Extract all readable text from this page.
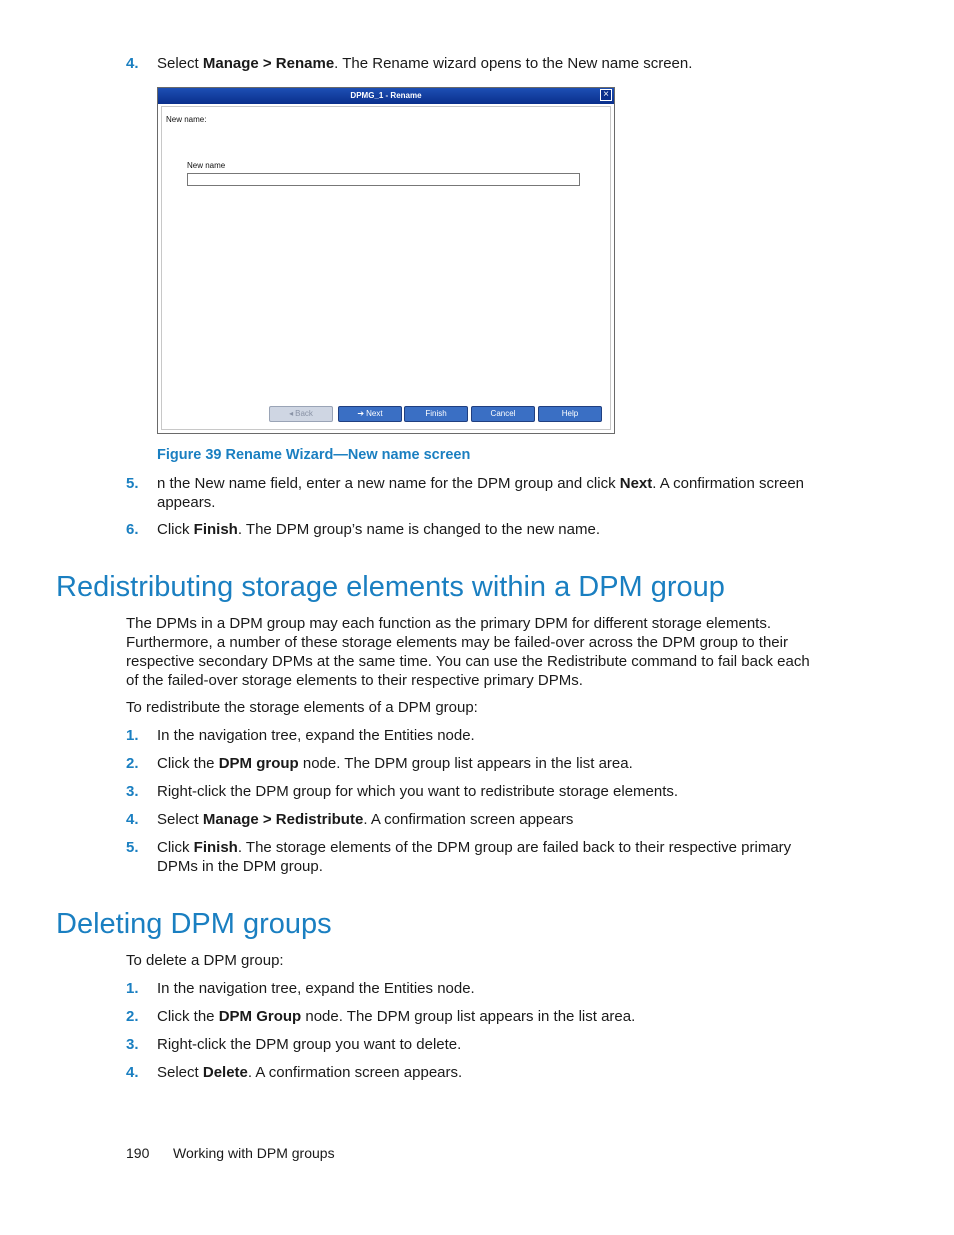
4. Select Manage > Rename. The Rename wizard opens to the New name screen.
DPMG_1 - Rename	×
New name:
New name
◂ Back	➔ Next	Finish	Cancel	Help
Figure 39 Rename Wizard—New name screen
5. n the New name field, enter a new name for the DPM group and click Next. A confirmation screen appears.
6. Click Finish. The DPM group’s name is changed to the new name.
Redistributing storage elements within a DPM group
The DPMs in a DPM group may each function as the primary DPM for different storage elements. Furthermore, a number of these storage elements may be failed-over across the DPM group to their respective secondary DPMs at the same time. You can use the Redistribute command to fail back each of the failed-over storage elements to their respective primary DPMs.
To redistribute the storage elements of a DPM group:
1. In the navigation tree, expand the Entities node.
2. Click the DPM group node. The DPM group list appears in the list area.
3. Right-click the DPM group for which you want to redistribute storage elements.
4. Select Manage > Redistribute. A confirmation screen appears
5. Click Finish. The storage elements of the DPM group are failed back to their respective primary DPMs in the DPM group.
Deleting DPM groups
To delete a DPM group:
1. In the navigation tree, expand the Entities node.
2. Click the DPM Group node. The DPM group list appears in the list area.
3. Right-click the DPM group you want to delete.
4. Select Delete. A confirmation screen appears.
190 Working with DPM groups
